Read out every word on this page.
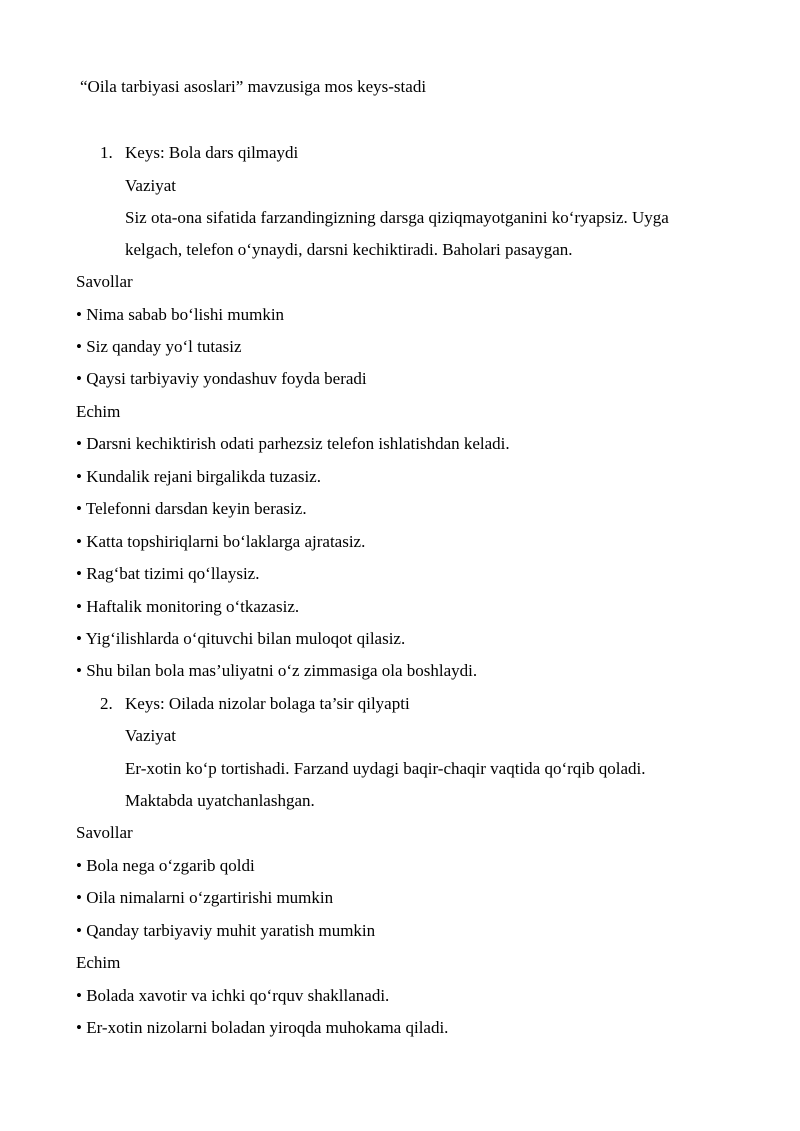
“Oila tarbiyasi asoslari” mavzusiga mos keys-stadi
1. Keys: Bola dars qilmaydi
Vaziyat
Siz ota-ona sifatida farzandingizning darsga qiziqmayotganini ko‘ryapsiz. Uyga
kelgach, telefon o‘ynaydi, darsni kechiktiradi. Baholari pasaygan.
Savollar
• Nima sabab bo‘lishi mumkin
• Siz qanday yo‘l tutasiz
• Qaysi tarbiyaviy yondashuv foyda beradi
Echim
• Darsni kechiktirish odati parhezsiz telefon ishlatishdan keladi.
• Kundalik rejani birgalikda tuzasiz.
• Telefonni darsdan keyin berasiz.
• Katta topshiriqlarni bo‘laklarga ajratasiz.
• Rag‘bat tizimi qo‘llaysiz.
• Haftalik monitoring o‘tkazasiz.
• Yig‘ilishlarda o‘qituvchi bilan muloqot qilasiz.
• Shu bilan bola mas’uliyatni o‘z zimmasiga ola boshlaydi.
2. Keys: Oilada nizolar bolaga ta’sir qilyapti
Vaziyat
Er-xotin ko‘p tortishadi. Farzand uydagi baqir-chaqir vaqtida qo‘rqib qoladi.
Maktabda uyatchanlashgan.
Savollar
• Bola nega o‘zgarib qoldi
• Oila nimalarni o‘zgartirishi mumkin
• Qanday tarbiyaviy muhit yaratish mumkin
Echim
• Bolada xavotir va ichki qo‘rquv shakllanadi.
• Er-xotin nizolarni boladan yiroqda muhokama qiladi.
